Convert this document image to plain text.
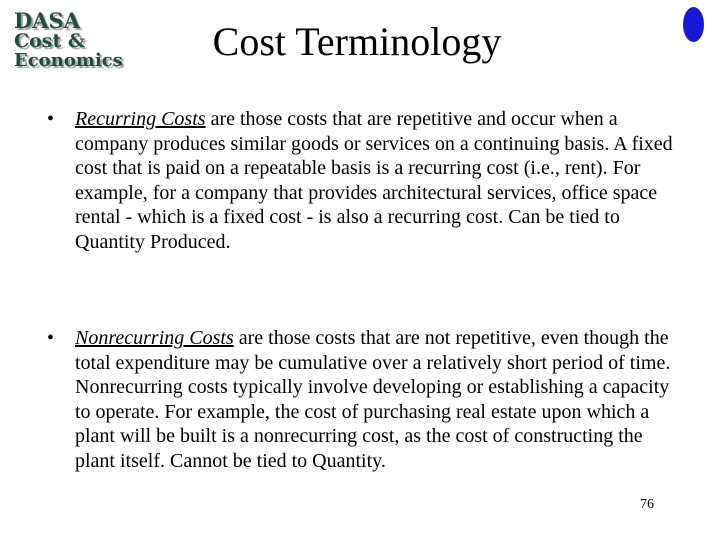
DASA
Cost &
Economics	Cost Terminology
• Recurring Costs are those costs that are repetitive and occur when a company produces similar goods or services on a continuing basis. A fixed cost that is paid on a repeatable basis is a recurring cost (i.e., rent). For example, for a company that provides architectural services, office space rental - which is a fixed cost - is also a recurring cost. Can be tied to Quantity Produced.
• Nonrecurring Costs are those costs that are not repetitive, even though the total expenditure may be cumulative over a relatively short period of time. Nonrecurring costs typically involve developing or establishing a capacity to operate. For example, the cost of purchasing real estate upon which a plant will be built is a nonrecurring cost, as the cost of constructing the plant itself. Cannot be tied to Quantity.
76
